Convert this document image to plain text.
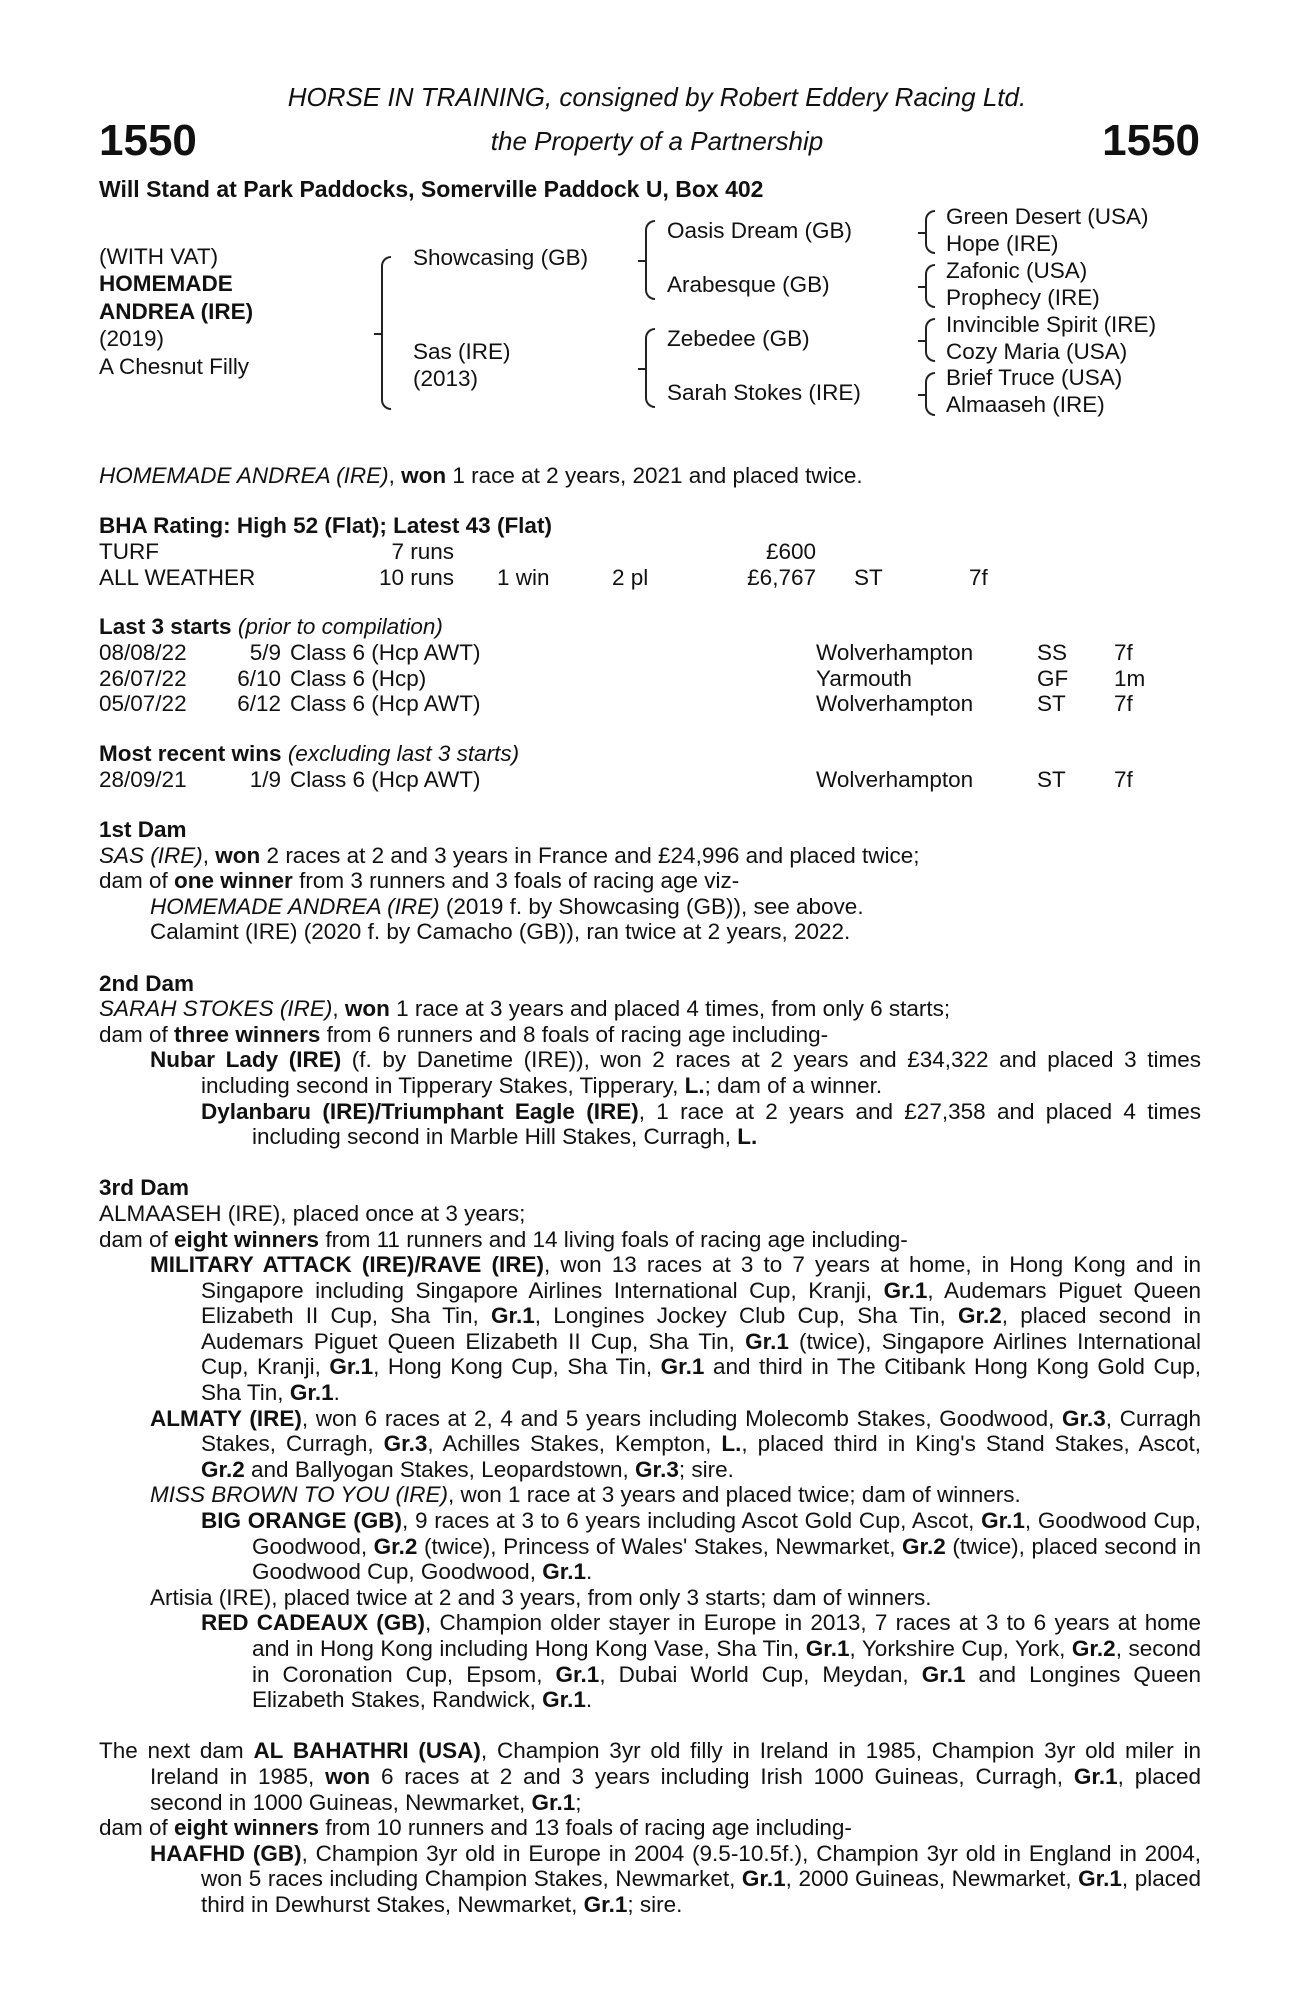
HORSE IN TRAINING, consigned by Robert Eddery Racing Ltd.
1550	the Property of a Partnership	1550
Will Stand at Park Paddocks, Somerville Paddock U, Box 402
(WITH VAT)
HOMEMADE
ANDREA (IRE)
(2019)
A Chesnut Filly
Showcasing (GB)
Sas (IRE)
(2013)
Oasis Dream (GB)
Arabesque (GB)
Zebedee (GB)
Sarah Stokes (IRE)
Green Desert (USA)
Hope (IRE)
Zafonic (USA)
Prophecy (IRE)
Invincible Spirit (IRE)
Cozy Maria (USA)
Brief Truce (USA)
Almaaseh (IRE)
HOMEMADE ANDREA (IRE), won 1 race at 2 years, 2021 and placed twice.
BHA Rating: High 52 (Flat); Latest 43 (Flat)
TURF	7 runs	£600
ALL WEATHER	10 runs 1 win	2 pl	£6,767 ST	7f
Last 3 starts (prior to compilation)
08/08/22	5/9 Class 6 (Hcp AWT)	Wolverhampton	SS 7f
26/07/22 6/10 Class 6 (Hcp)	Yarmouth	GF 1m
05/07/22 6/12 Class 6 (Hcp AWT)	Wolverhampton	ST 7f
Most recent wins (excluding last 3 starts)
28/09/21	1/9 Class 6 (Hcp AWT)	Wolverhampton	ST 7f
1st Dam
SAS (IRE), won 2 races at 2 and 3 years in France and £24,996 and placed twice;
dam of one winner from 3 runners and 3 foals of racing age viz-
HOMEMADE ANDREA (IRE) (2019 f. by Showcasing (GB)), see above.
Calamint (IRE) (2020 f. by Camacho (GB)), ran twice at 2 years, 2022.
2nd Dam
SARAH STOKES (IRE), won 1 race at 3 years and placed 4 times, from only 6 starts;
dam of three winners from 6 runners and 8 foals of racing age including-
Nubar Lady (IRE) (f. by Danetime (IRE)), won 2 races at 2 years and £34,322 and placed 3 times including second in Tipperary Stakes, Tipperary, L.; dam of a winner.
Dylanbaru (IRE)/Triumphant Eagle (IRE), 1 race at 2 years and £27,358 and placed 4 times including second in Marble Hill Stakes, Curragh, L.
3rd Dam
ALMAASEH (IRE), placed once at 3 years;
dam of eight winners from 11 runners and 14 living foals of racing age including-
MILITARY ATTACK (IRE)/RAVE (IRE), won 13 races at 3 to 7 years at home, in Hong Kong and in Singapore including Singapore Airlines International Cup, Kranji, Gr.1, Audemars Piguet Queen Elizabeth II Cup, Sha Tin, Gr.1, Longines Jockey Club Cup, Sha Tin, Gr.2, placed second in Audemars Piguet Queen Elizabeth II Cup, Sha Tin, Gr.1 (twice), Singapore Airlines International Cup, Kranji, Gr.1, Hong Kong Cup, Sha Tin, Gr.1 and third in The Citibank Hong Kong Gold Cup, Sha Tin, Gr.1.
ALMATY (IRE), won 6 races at 2, 4 and 5 years including Molecomb Stakes, Goodwood, Gr.3, Curragh Stakes, Curragh, Gr.3, Achilles Stakes, Kempton, L., placed third in King's Stand Stakes, Ascot, Gr.2 and Ballyogan Stakes, Leopardstown, Gr.3; sire.
MISS BROWN TO YOU (IRE), won 1 race at 3 years and placed twice; dam of winners.
BIG ORANGE (GB), 9 races at 3 to 6 years including Ascot Gold Cup, Ascot, Gr.1, Goodwood Cup, Goodwood, Gr.2 (twice), Princess of Wales' Stakes, Newmarket, Gr.2 (twice), placed second in Goodwood Cup, Goodwood, Gr.1.
Artisia (IRE), placed twice at 2 and 3 years, from only 3 starts; dam of winners.
RED CADEAUX (GB), Champion older stayer in Europe in 2013, 7 races at 3 to 6 years at home and in Hong Kong including Hong Kong Vase, Sha Tin, Gr.1, Yorkshire Cup, York, Gr.2, second in Coronation Cup, Epsom, Gr.1, Dubai World Cup, Meydan, Gr.1 and Longines Queen Elizabeth Stakes, Randwick, Gr.1.
The next dam AL BAHATHRI (USA), Champion 3yr old filly in Ireland in 1985, Champion 3yr old miler in Ireland in 1985, won 6 races at 2 and 3 years including Irish 1000 Guineas, Curragh, Gr.1, placed second in 1000 Guineas, Newmarket, Gr.1;
dam of eight winners from 10 runners and 13 foals of racing age including-
HAAFHD (GB), Champion 3yr old in Europe in 2004 (9.5-10.5f.), Champion 3yr old in England in 2004, won 5 races including Champion Stakes, Newmarket, Gr.1, 2000 Guineas, Newmarket, Gr.1, placed third in Dewhurst Stakes, Newmarket, Gr.1; sire.
